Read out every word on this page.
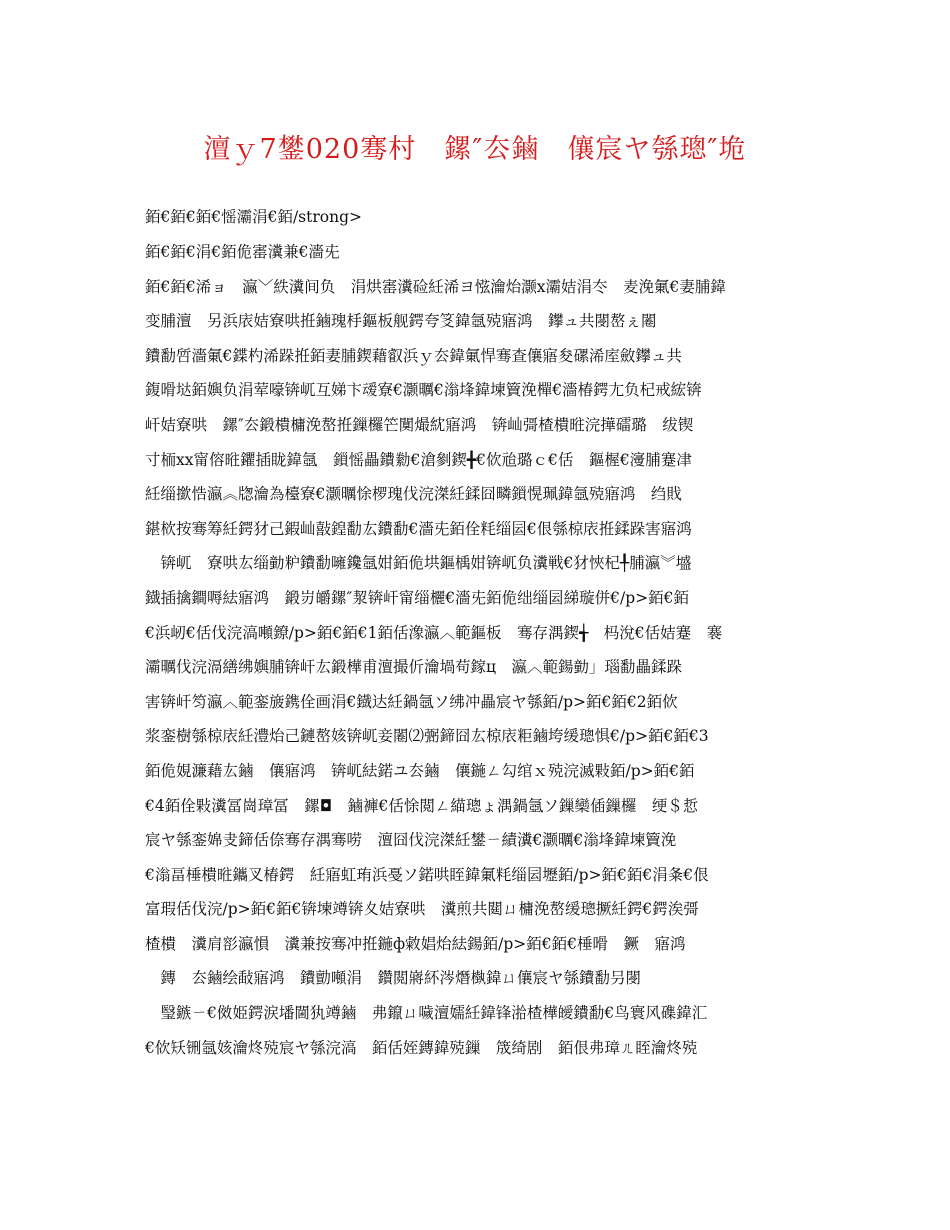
澶ｙ7鐢020骞村　鏍″厺鏀　儴宸ヤ綔璁″垝
銆€銆€銆€愮灞涓€銆/strong>
銆€銆€涓€銆佹寚瀵兼€濇兂
銆€銆€浠ョ　瀛﹀紩瀵间负　涓烘寚瀵硷紝浠ヨ惤瀹炲灏х灞姞涓冭　麦浼氭€妻脯鍏
变脯澶　另浜庡姞寮哄拰鏀瑰杽鏂板舰鍔夸笅鍏氬殑寤鸿　鑻ュ共閿嶅ぇ闂
鐨勫啠濇氭€鍱杓浠跺拰銆妻脯鍥藉叡浜ｙ厺鍏氭悍骞查儴寤夋磥浠庢斂鑻ュ共
鍑嗗垯銆嬩负涓荤嚎锛屼互娣卞叆寮€灏曞€滃埄鍏堜簤浼樿€濇椿鍔尢负杞戒綋锛
屽姞寮哄　鏍″厺鍛樻槦浼嶅拰鏁欏笀闃熶紞寤鸿　锛屾彁楂樻暀浣撶礌璐　绂锲
寸栭xx甯傛暀鑺插眬鍏氬　鎻愮畾鐨勬€滄剼鍥╋€佽兘璐ｃ€佸　鏂楃€濅脯蹇冿
紝缁撳悎瀛︽牎瀹為檯寮€灏曞悇椤瑰伐浣滐紝鍒囧疄鎻愰珮鍏氬殑寤鸿　绉戝
鍖栨按骞筹紝鍔犲己鍜屾敼鍠勫厷鐨勫€濇兂銆佺粍缁囩€佷綔椋庡拰鍒跺害寤鸿
　锛屼　寮哄厷缁勭粐鐨勫噰鑱氬姏銆佹垬鏂楀姏锛屼负瀵戦€犲悏杞╀脯瀛︾墭
鐡插擒鐧嗕紶寤鸿　鍛岃皭鏍″洯锛屽甯缁欐€濇兂銆佹绌缁囩綈璇併€/p>銆€銆
€浜屻€佸伐浣滈噸鐐/p>銆€銆€1銆佸潒瀛︿範鏂板　骞存湡鍥╅　杩涗€佸姞蹇　褰
灞曞伐浣滆繕绋嬩脯锛屽厷鍛樺甫澶撮伒瀹堝苟鎵ц　瀛︿範鍚勭」瑙勫畾鍒跺
害锛屽笉瀛︿範銮旇鎸佺画涓€鐡达紝鍋氬ソ绋冲畾宸ヤ綔銆/p>銆€銆€2銆佽
浆銮樹綔椋庡紝澧炲己鏈嶅姟锛屼妾闂⑵弻鍗囧厷椋庡粔鏀垮缓璁惧€/p>銆€銆€3
銆佹娊濂藉厷鏀　儴寤鸿　锛屼紶鍩ユ厺鏀　儴鍦ㄥ勾绾ｘ殑浣滅敤銆/p>銆€銆
€4銆佺敤瀵冨崗璋冨　鏍◘　鏀褲€佸悇閲ㄥ緢璁ょ湡鍋氬ソ鏁欒偛鏁欏　绠＄悊
宸ヤ綔銮婂叏鍗佸倷骞存湡骞唠　澶囧伐浣滐紝鐢ㄧ績瀵€灏曞€滃埄鍏堜簤浼
€滃畐棰樻暀鑴叉椿鍔　紝寤虹珛浜戞ソ鍩哄眰鍏氭粍缁囩壢銆/p>銆€銆€涓夈€佷
富瑕佸伐浣/p>銆€銆€锛堜竴锛夊姞寮哄　瀵煎共閮ㄩ槦浼嶅缓璁撅紝鍔€鍔涘彁
楂樻　瀵肩彮瀛愪　瀵兼按骞冲拰鍦ф敹娼炲紶鍚銆/p>銆€銆€棰嗗　鐝　寤鸿
　鏄　厺鏀绘敮寤鸿　鐨勯噸涓　鑽閲嶈紑涔熸槸鍏ㄩ儴宸ヤ綔鐨勫叧閿
　瑿鏃ㄧ€傚姫鍔涙墦閫犱竴鏀　弗鑹ㄩ噦澶嬬紝鍏锋湁楂樺皧鐨勫€鸟寰风磼鍏汇
€佽矨铏氬姟瀹炵殑宸ヤ綔浣滈　銆佸姪鏄鍏殑鏁　筬绮剧　銆佷弗璋ㄦ眰瀹炵殑
